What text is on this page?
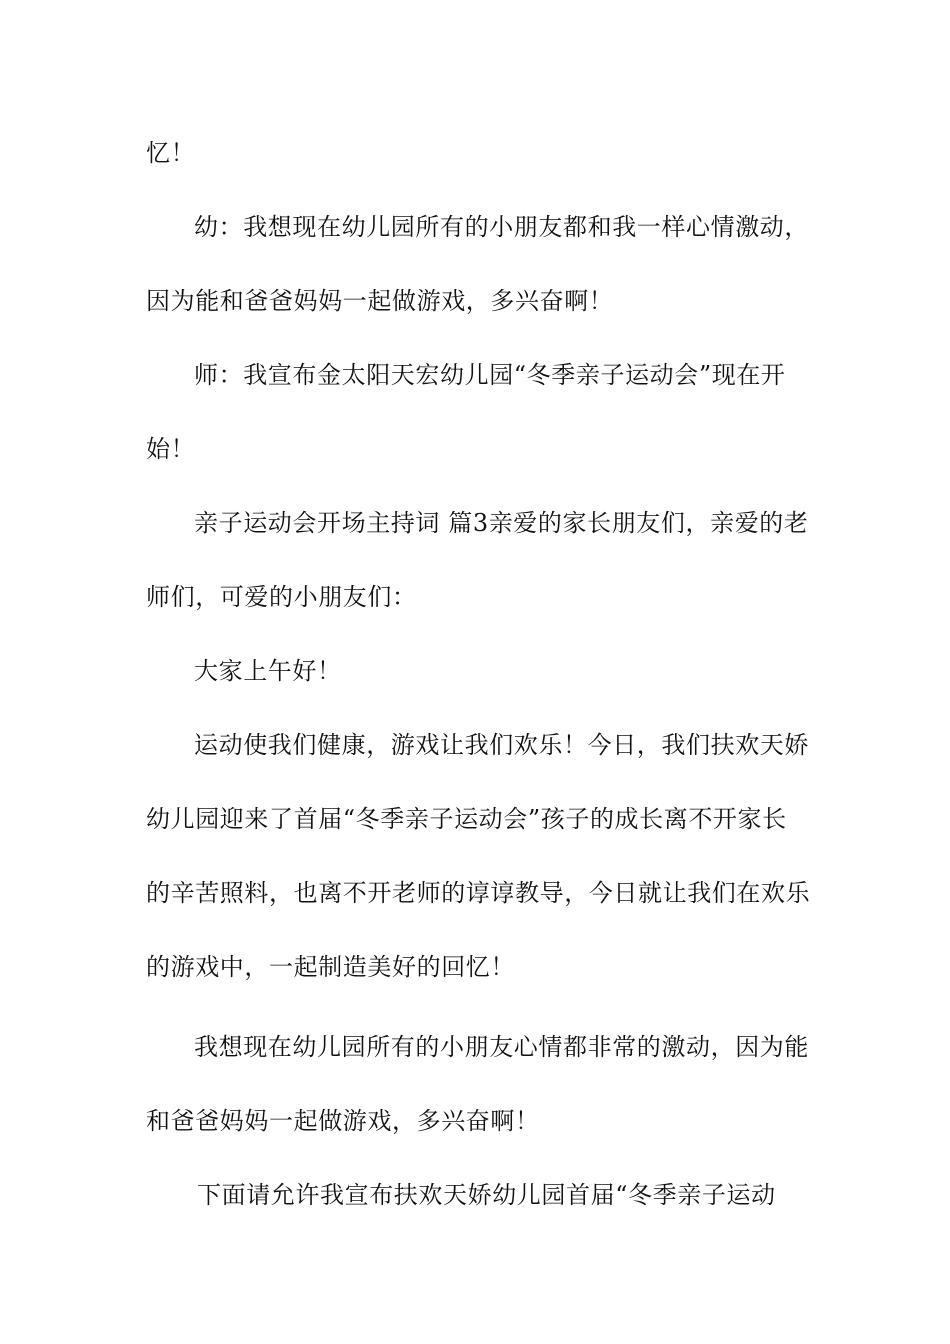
忆！
幼：我想现在幼儿园所有的小朋友都和我一样心情激动，
因为能和爸爸妈妈一起做游戏，多兴奋啊！
师：我宣布金太阳天宏幼儿园“冬季亲子运动会”现在开
始！
亲子运动会开场主持词 篇3亲爱的家长朋友们，亲爱的老
师们，可爱的小朋友们：
大家上午好！
运动使我们健康，游戏让我们欢乐！今日，我们扶欢天娇
幼儿园迎来了首届“冬季亲子运动会”孩子的成长离不开家长
的辛苦照料，也离不开老师的谆谆教导，今日就让我们在欢乐
的游戏中，一起制造美好的回忆！
我想现在幼儿园所有的小朋友心情都非常的激动，因为能
和爸爸妈妈一起做游戏，多兴奋啊！
下面请允许我宣布扶欢天娇幼儿园首届“冬季亲子运动
